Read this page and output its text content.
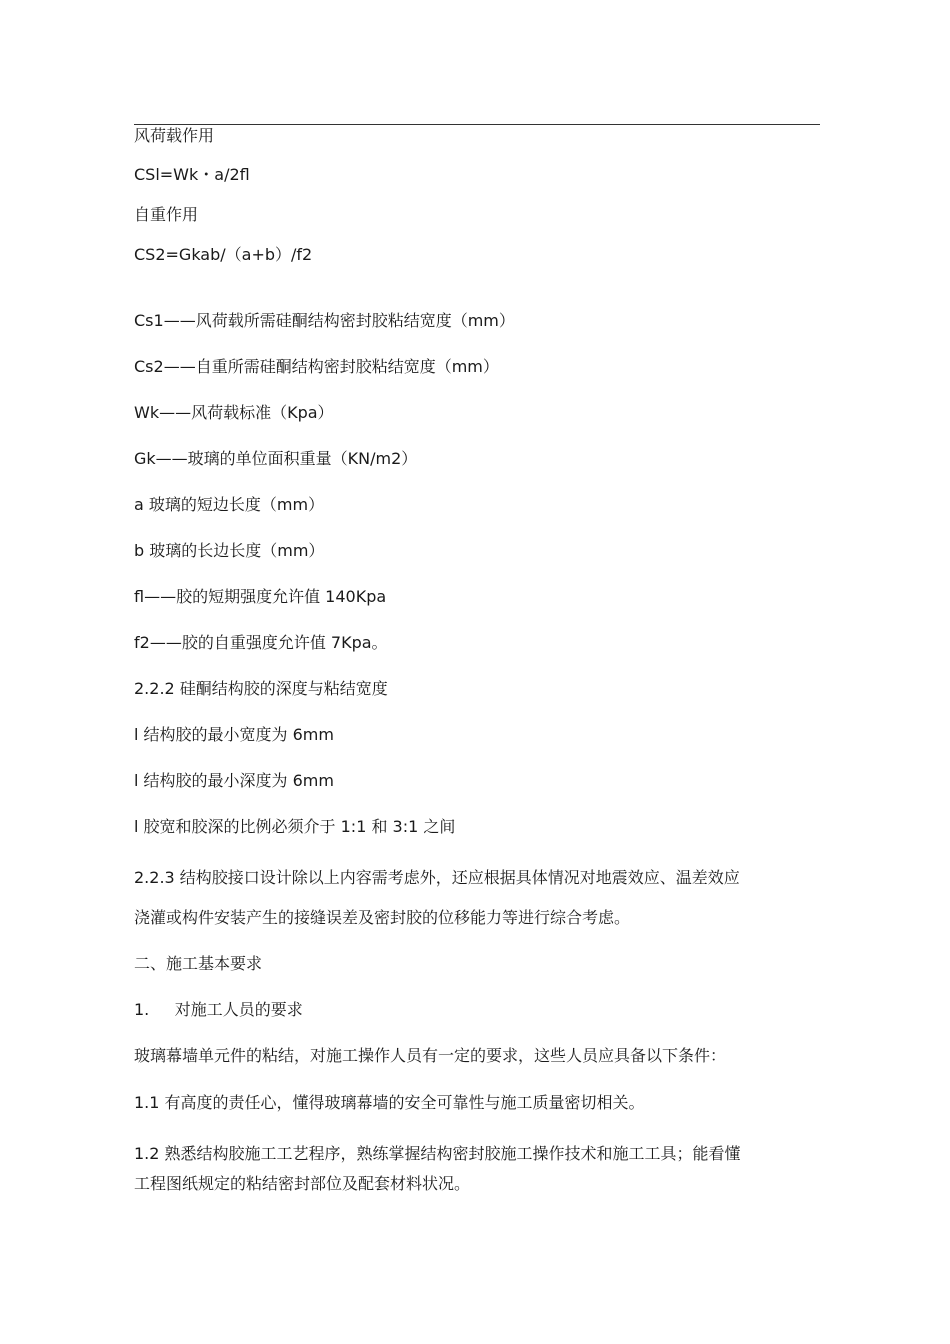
风荷载作用
CSl=Wk・a/2fl
自重作用
CS2=Gkab/（a+b）/f2
Cs1——风荷载所需硅酮结构密封胶粘结宽度（mm）
Cs2——自重所需硅酮结构密封胶粘结宽度（mm）
Wk——风荷载标准（Kpa）
Gk——玻璃的单位面积重量（KN/m2）
a 玻璃的短边长度（mm）
b 玻璃的长边长度（mm）
fl——胶的短期强度允许值 140Kpa
f2——胶的自重强度允许值 7Kpa。
2.2.2 硅酮结构胶的深度与粘结宽度
l 结构胶的最小宽度为 6mm
l 结构胶的最小深度为 6mm
l 胶宽和胶深的比例必须介于 1:1 和 3:1 之间
2.2.3 结构胶接口设计除以上内容需考虑外，还应根据具体情况对地震效应、温差效应
浇灌或构件安装产生的接缝误差及密封胶的位移能力等进行综合考虑。
二、施工基本要求
1.     对施工人员的要求
玻璃幕墙单元件的粘结，对施工操作人员有一定的要求，这些人员应具备以下条件：
1.1 有高度的责任心，懂得玻璃幕墙的安全可靠性与施工质量密切相关。
1.2 熟悉结构胶施工工艺程序，熟练掌握结构密封胶施工操作技术和施工工具；能看懂
工程图纸规定的粘结密封部位及配套材料状况。
